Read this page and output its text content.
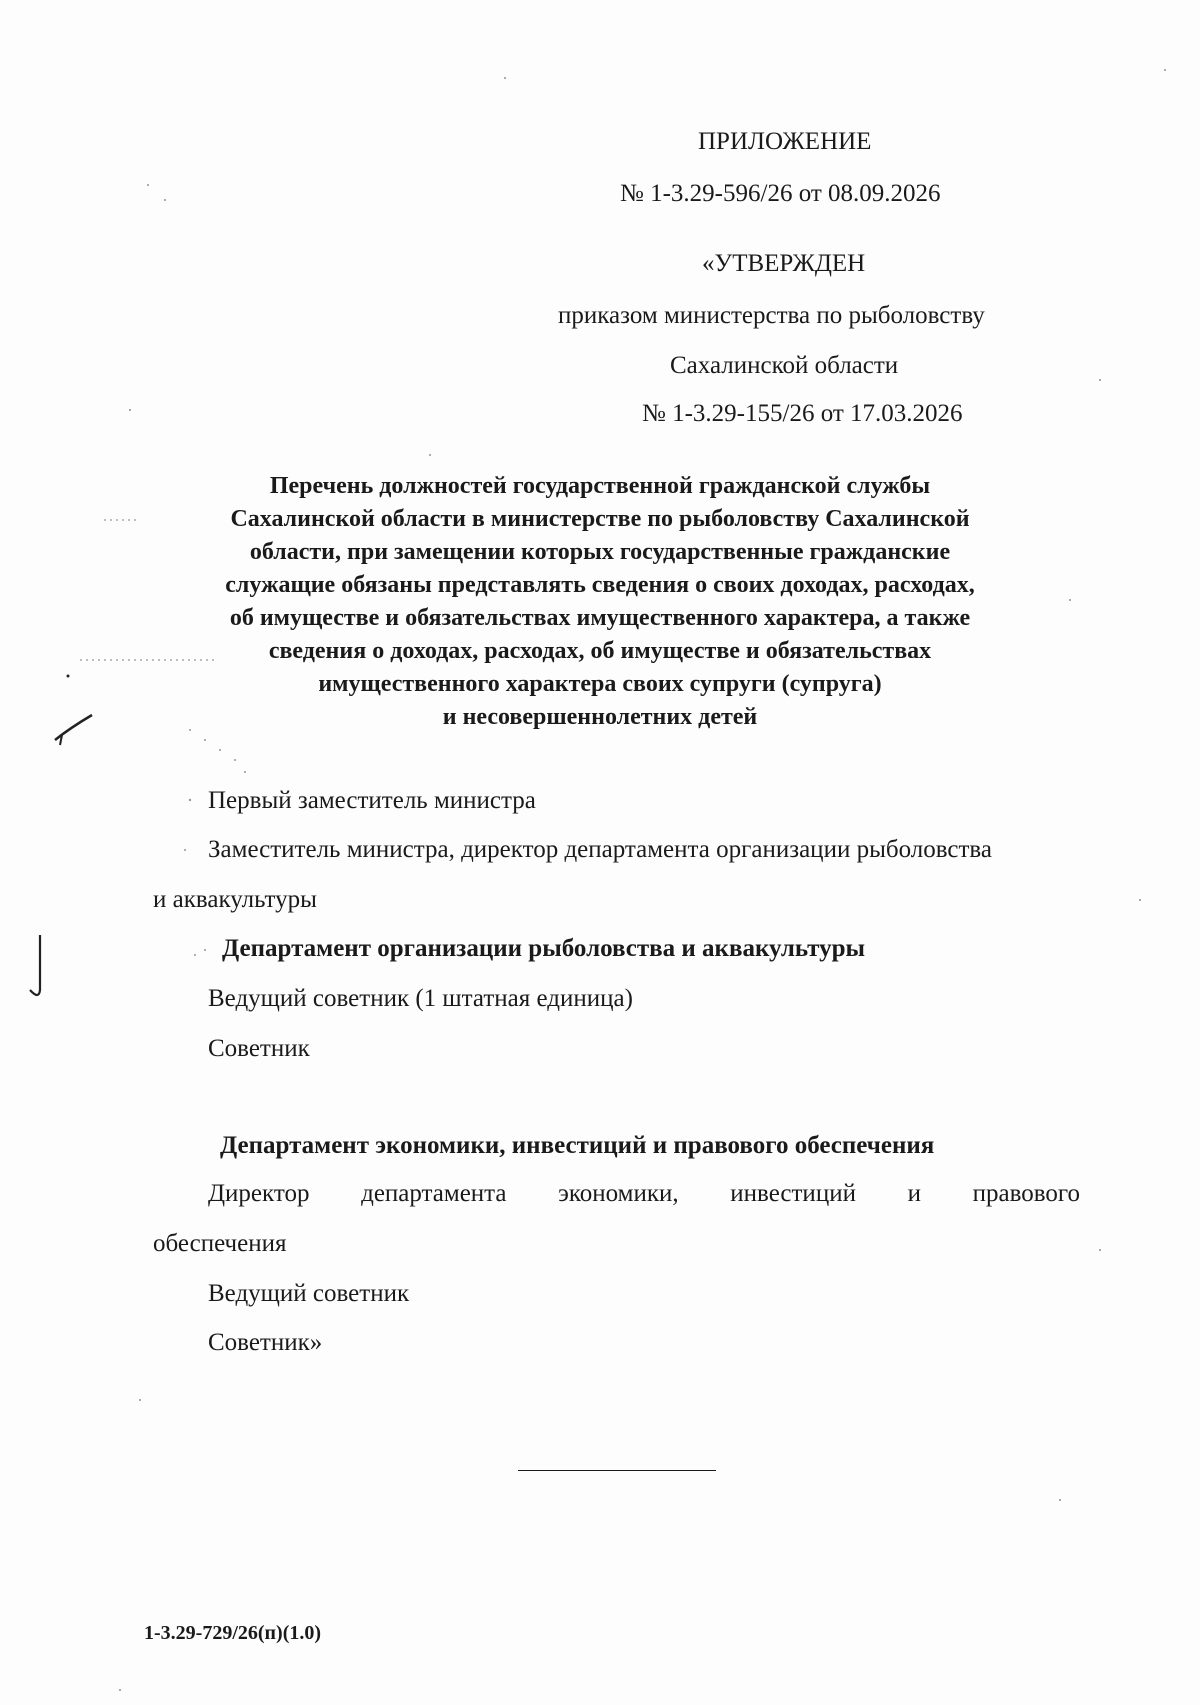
ПРИЛОЖЕНИЕ
№ 1-3.29-596/26 от 08.09.2026
«УТВЕРЖДЕН
приказом министерства по рыболовству
Сахалинской области
№ 1-3.29-155/26 от 17.03.2026
Перечень должностей государственной гражданской службы
Сахалинской области в министерстве по рыболовству Сахалинской
области, при замещении которых государственные гражданские
служащие обязаны представлять сведения о своих доходах, расходах,
об имуществе и обязательствах имущественного характера, а также
сведения о доходах, расходах, об имуществе и обязательствах
имущественного характера своих супруги (супруга)
и несовершеннолетних детей
Первый заместитель министра
Заместитель министра, директор департамента организации рыболовства
и аквакультуры
Департамент организации рыболовства и аквакультуры
Ведущий советник (1 штатная единица)
Советник
Департамент экономики, инвестиций и правового обеспечения
Директор департамента экономики, инвестиций и правового
обеспечения
Ведущий советник
Советник»
1-3.29-729/26(п)(1.0)
